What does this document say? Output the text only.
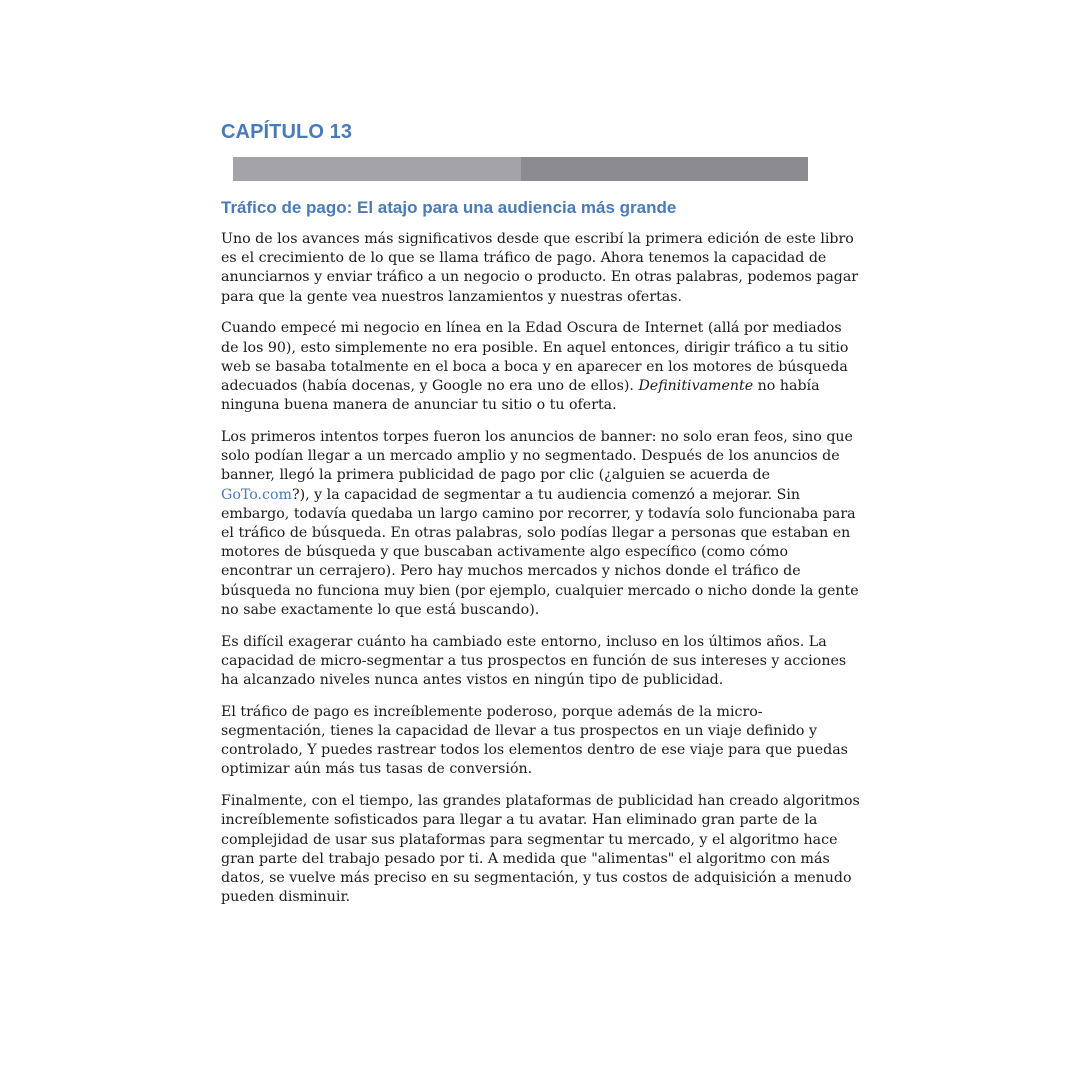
CAPÍTULO 13
Tráfico de pago: El atajo para una audiencia más grande

Uno de los avances más significativos desde que escribí la primera edición de este libro es el crecimiento de lo que se llama tráfico de pago. Ahora tenemos la capacidad de anunciarnos y enviar tráfico a un negocio o producto. En otras palabras, podemos pagar para que la gente vea nuestros lanzamientos y nuestras ofertas.

Cuando empecé mi negocio en línea en la Edad Oscura de Internet (allá por mediados de los 90), esto simplemente no era posible. En aquel entonces, dirigir tráfico a tu sitio web se basaba totalmente en el boca a boca y en aparecer en los motores de búsqueda adecuados (había docenas, y Google no era uno de ellos). Definitivamente no había ninguna buena manera de anunciar tu sitio o tu oferta.

Los primeros intentos torpes fueron los anuncios de banner: no solo eran feos, sino que solo podían llegar a un mercado amplio y no segmentado. Después de los anuncios de banner, llegó la primera publicidad de pago por clic (¿alguien se acuerda de GoTo.com?), y la capacidad de segmentar a tu audiencia comenzó a mejorar. Sin embargo, todavía quedaba un largo camino por recorrer, y todavía solo funcionaba para el tráfico de búsqueda. En otras palabras, solo podías llegar a personas que estaban en motores de búsqueda y que buscaban activamente algo específico (como cómo encontrar un cerrajero). Pero hay muchos mercados y nichos donde el tráfico de búsqueda no funciona muy bien (por ejemplo, cualquier mercado o nicho donde la gente no sabe exactamente lo que está buscando).

Es difícil exagerar cuánto ha cambiado este entorno, incluso en los últimos años. La capacidad de micro-segmentar a tus prospectos en función de sus intereses y acciones ha alcanzado niveles nunca antes vistos en ningún tipo de publicidad.

El tráfico de pago es increíblemente poderoso, porque además de la micro-segmentación, tienes la capacidad de llevar a tus prospectos en un viaje definido y controlado, Y puedes rastrear todos los elementos dentro de ese viaje para que puedas optimizar aún más tus tasas de conversión.

Finalmente, con el tiempo, las grandes plataformas de publicidad han creado algoritmos increíblemente sofisticados para llegar a tu avatar. Han eliminado gran parte de la complejidad de usar sus plataformas para segmentar tu mercado, y el algoritmo hace gran parte del trabajo pesado por ti. A medida que "alimentas" el algoritmo con más datos, se vuelve más preciso en su segmentación, y tus costos de adquisición a menudo pueden disminuir.
